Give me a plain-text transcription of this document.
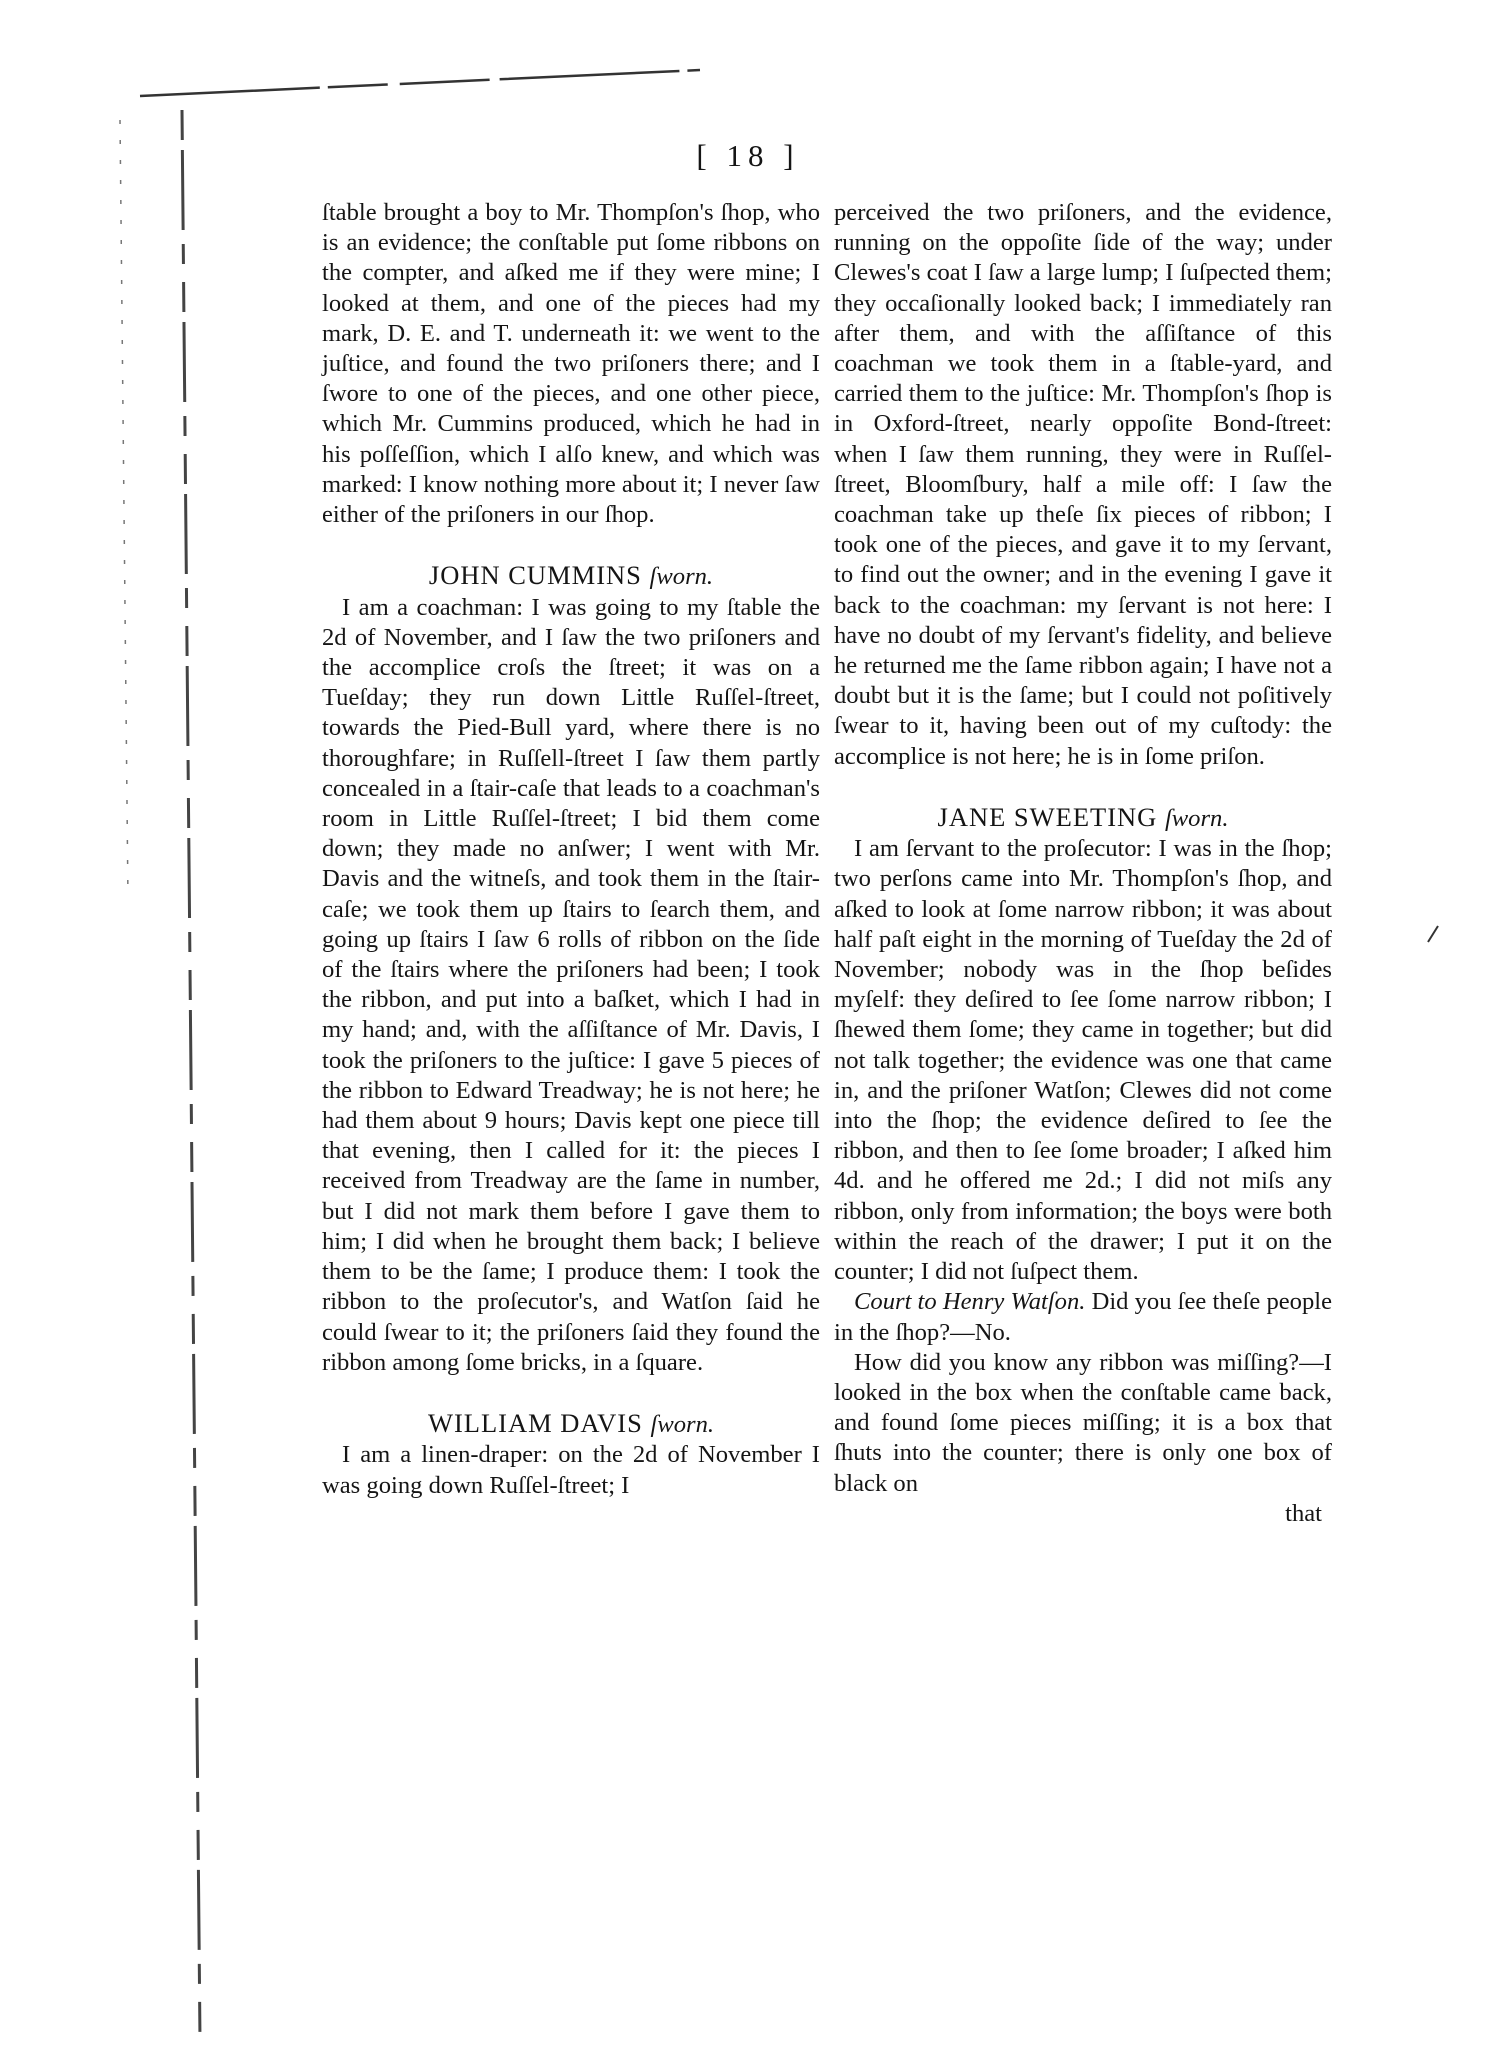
[ 18 ]

ſtable brought a boy to Mr. Thompſon's ſhop, who is an evidence; the conſtable put ſome ribbons on the compter, and aſked me if they were mine; I looked at them, and one of the pieces had my mark, D. E. and T. underneath it: we went to the juſtice, and found the two priſoners there; and I ſwore to one of the pieces, and one other piece, which Mr. Cummins produced, which he had in his poſſeſſion, which I alſo knew, and which was marked: I know nothing more about it; I never ſaw either of the priſoners in our ſhop.

JOHN CUMMINS ſworn.

I am a coachman: I was going to my ſtable the 2d of November, and I ſaw the two priſoners and the accomplice croſs the ſtreet; it was on a Tueſday; they run down Little Ruſſel-ſtreet, towards the Pied-Bull yard, where there is no thoroughfare; in Ruſſell-ſtreet I ſaw them partly concealed in a ſtair-caſe that leads to a coachman's room in Little Ruſſel-ſtreet; I bid them come down; they made no anſwer; I went with Mr. Davis and the witneſs, and took them in the ſtair-caſe; we took them up ſtairs to ſearch them, and going up ſtairs I ſaw 6 rolls of ribbon on the ſide of the ſtairs where the priſoners had been; I took the ribbon, and put into a baſket, which I had in my hand; and, with the aſſiſtance of Mr. Davis, I took the priſoners to the juſtice: I gave 5 pieces of the ribbon to Edward Treadway; he is not here; he had them about 9 hours; Davis kept one piece till that evening, then I called for it: the pieces I received from Treadway are the ſame in number, but I did not mark them before I gave them to him; I did when he brought them back; I believe them to be the ſame; I produce them: I took the ribbon to the proſecutor's, and Watſon ſaid he could ſwear to it; the priſoners ſaid they found the ribbon among ſome bricks, in a ſquare.

WILLIAM DAVIS ſworn.

I am a linen-draper: on the 2d of November I was going down Ruſſel-ſtreet; I

perceived the two priſoners, and the evidence, running on the oppoſite ſide of the way; under Clewes's coat I ſaw a large lump; I ſuſpected them; they occaſionally looked back; I immediately ran after them, and with the aſſiſtance of this coachman we took them in a ſtable-yard, and carried them to the juſtice: Mr. Thompſon's ſhop is in Oxford-ſtreet, nearly oppoſite Bond-ſtreet: when I ſaw them running, they were in Ruſſel-ſtreet, Bloomſbury, half a mile off: I ſaw the coachman take up theſe ſix pieces of ribbon; I took one of the pieces, and gave it to my ſervant, to find out the owner; and in the evening I gave it back to the coachman: my ſervant is not here: I have no doubt of my ſervant's fidelity, and believe he returned me the ſame ribbon again; I have not a doubt but it is the ſame; but I could not poſitively ſwear to it, having been out of my cuſtody: the accomplice is not here; he is in ſome priſon.

JANE SWEETING ſworn.

I am ſervant to the proſecutor: I was in the ſhop; two perſons came into Mr. Thompſon's ſhop, and aſked to look at ſome narrow ribbon; it was about half paſt eight in the morning of Tueſday the 2d of November; nobody was in the ſhop beſides myſelf: they deſired to ſee ſome narrow ribbon; I ſhewed them ſome; they came in together; but did not talk together; the evidence was one that came in, and the priſoner Watſon; Clewes did not come into the ſhop; the evidence deſired to ſee the ribbon, and then to ſee ſome broader; I aſked him 4d. and he offered me 2d.; I did not miſs any ribbon, only from information; the boys were both within the reach of the drawer; I put it on the counter; I did not ſuſpect them.

Court to Henry Watſon. Did you ſee theſe people in the ſhop?—No.

How did you know any ribbon was miſſing?—I looked in the box when the conſtable came back, and found ſome pieces miſſing; it is a box that ſhuts into the counter; there is only one box of black on

that
